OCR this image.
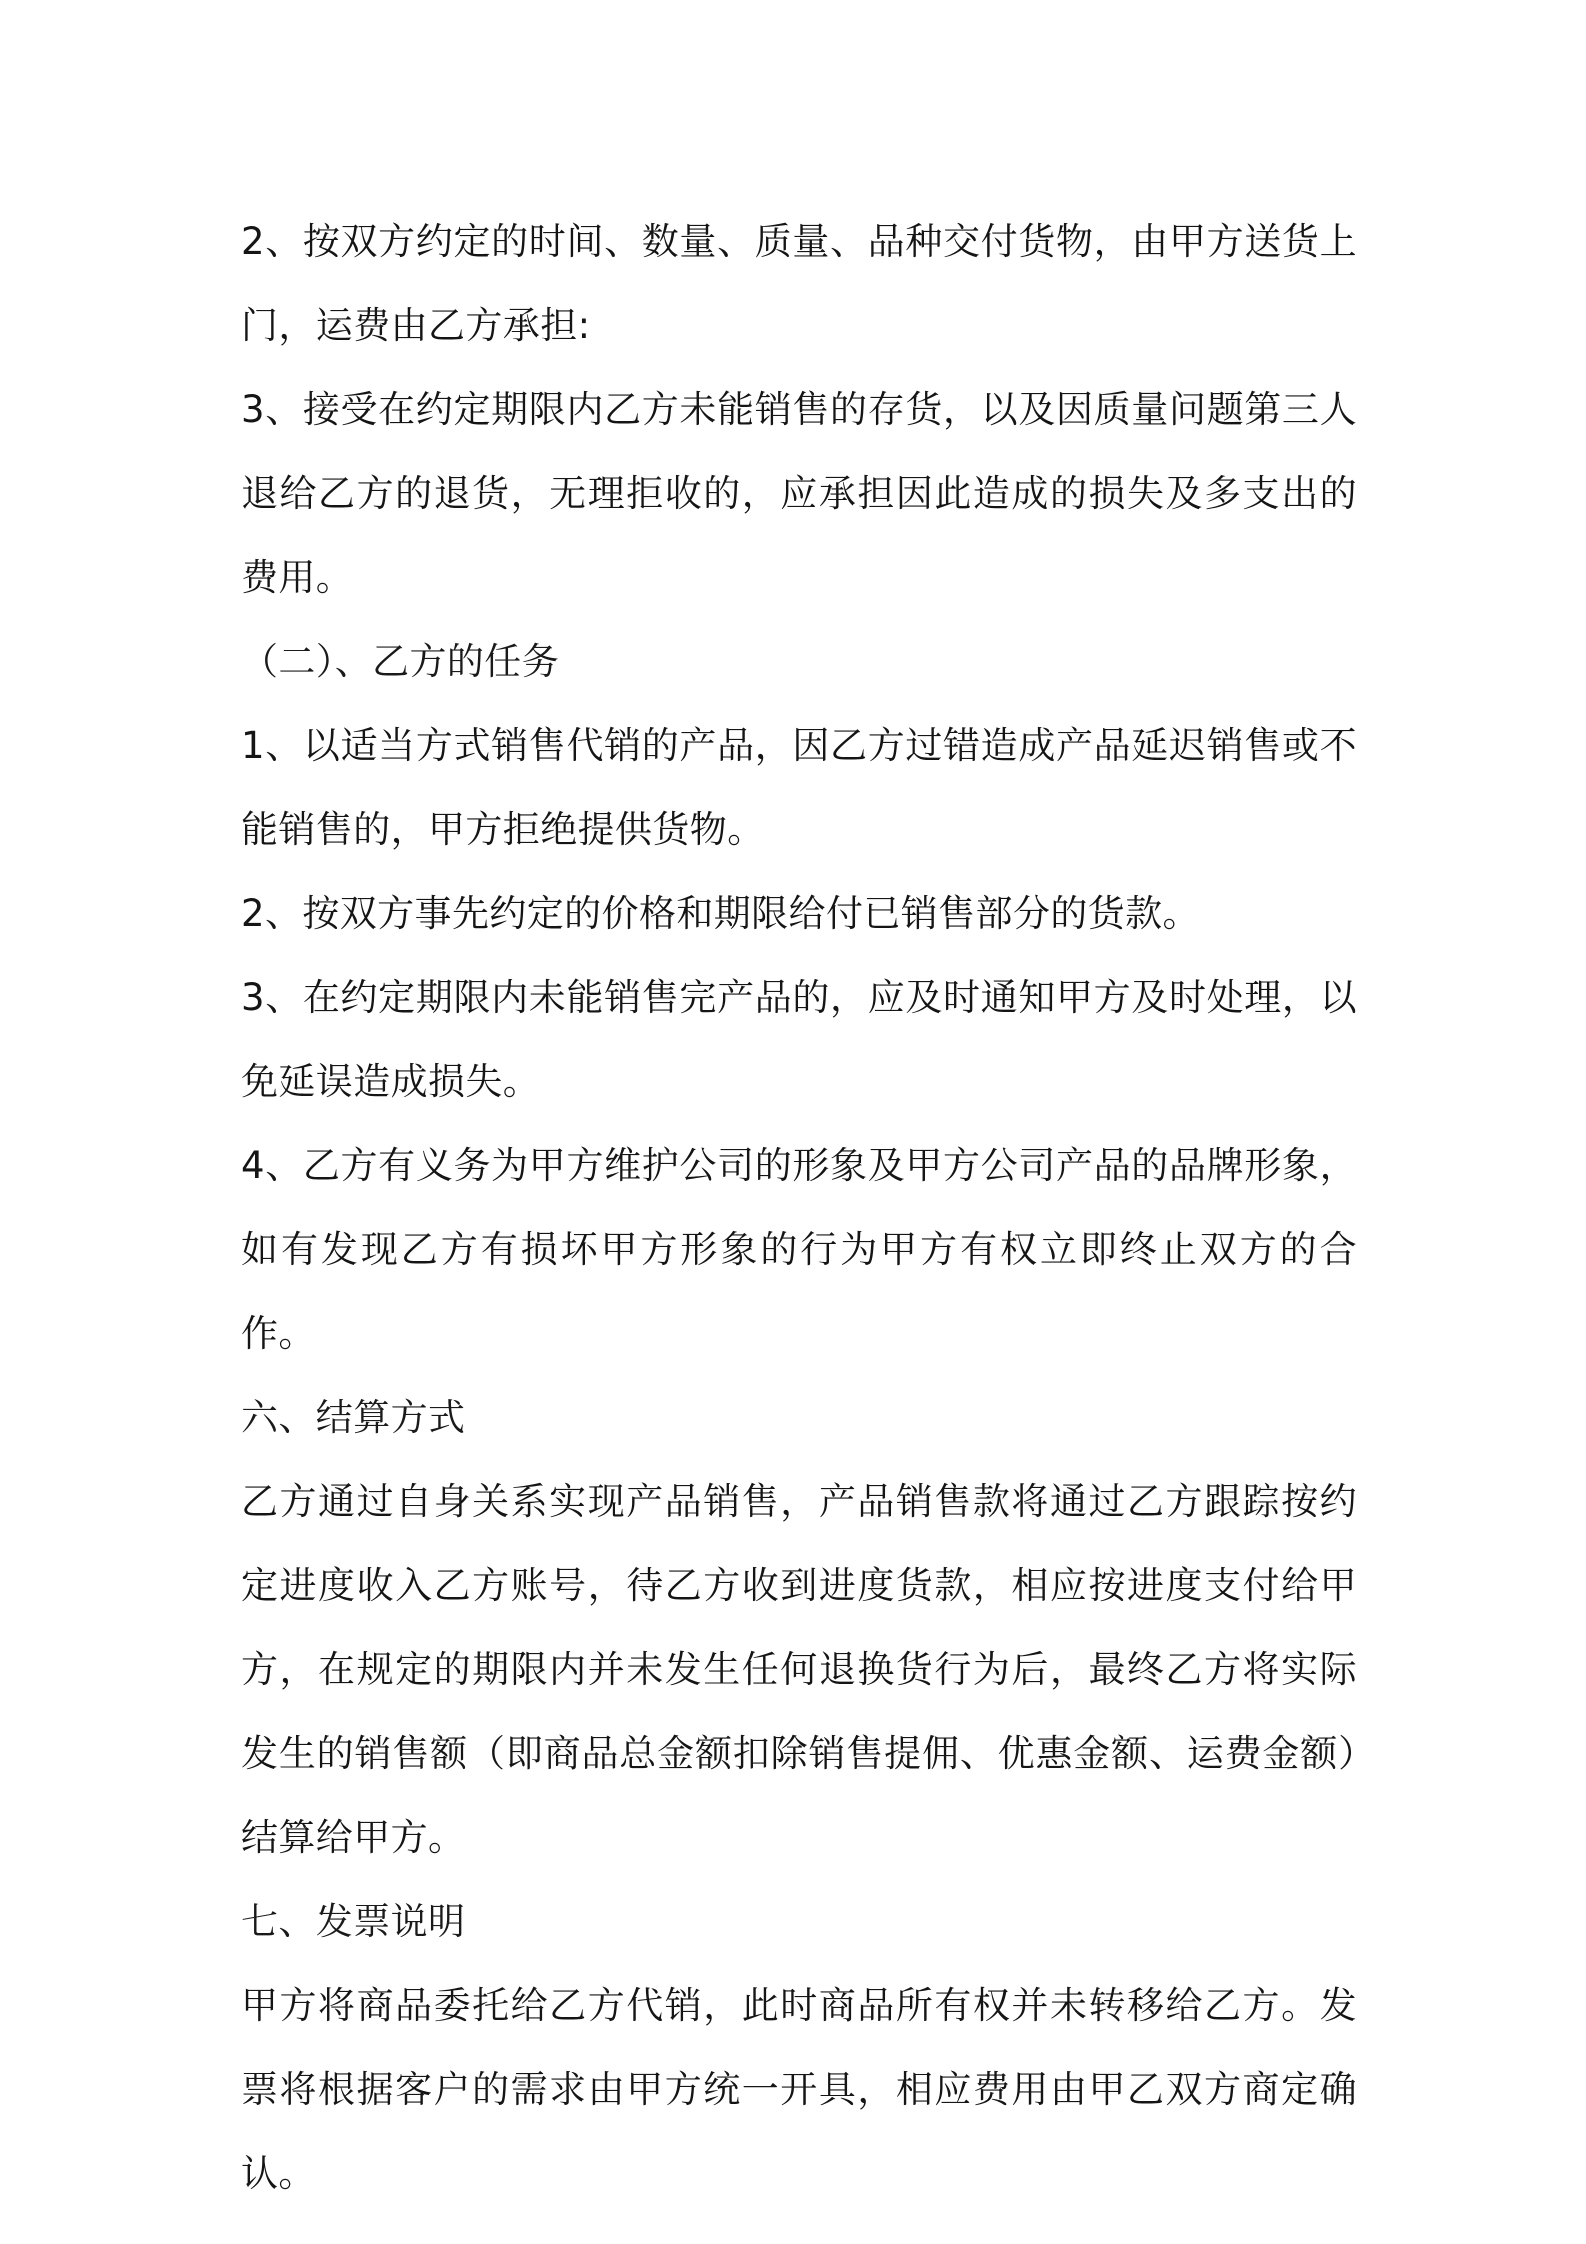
2、按双方约定的时间、数量、质量、品种交付货物，由甲方送货上门，运费由乙方承担:

3、接受在约定期限内乙方未能销售的存货，以及因质量问题第三人退给乙方的退货，无理拒收的，应承担因此造成的损失及多支出的费用。

（二）、乙方的任务

1、以适当方式销售代销的产品，因乙方过错造成产品延迟销售或不能销售的，甲方拒绝提供货物。

2、按双方事先约定的价格和期限给付已销售部分的货款。

3、在约定期限内未能销售完产品的，应及时通知甲方及时处理，以免延误造成损失。

4、乙方有义务为甲方维护公司的形象及甲方公司产品的品牌形象，如有发现乙方有损坏甲方形象的行为甲方有权立即终止双方的合作。

六、结算方式

乙方通过自身关系实现产品销售，产品销售款将通过乙方跟踪按约定进度收入乙方账号，待乙方收到进度货款，相应按进度支付给甲方，在规定的期限内并未发生任何退换货行为后，最终乙方将实际发生的销售额（即商品总金额扣除销售提佣、优惠金额、运费金额）结算给甲方。

七、发票说明

甲方将商品委托给乙方代销，此时商品所有权并未转移给乙方。发票将根据客户的需求由甲方统一开具，相应费用由甲乙双方商定确认。
